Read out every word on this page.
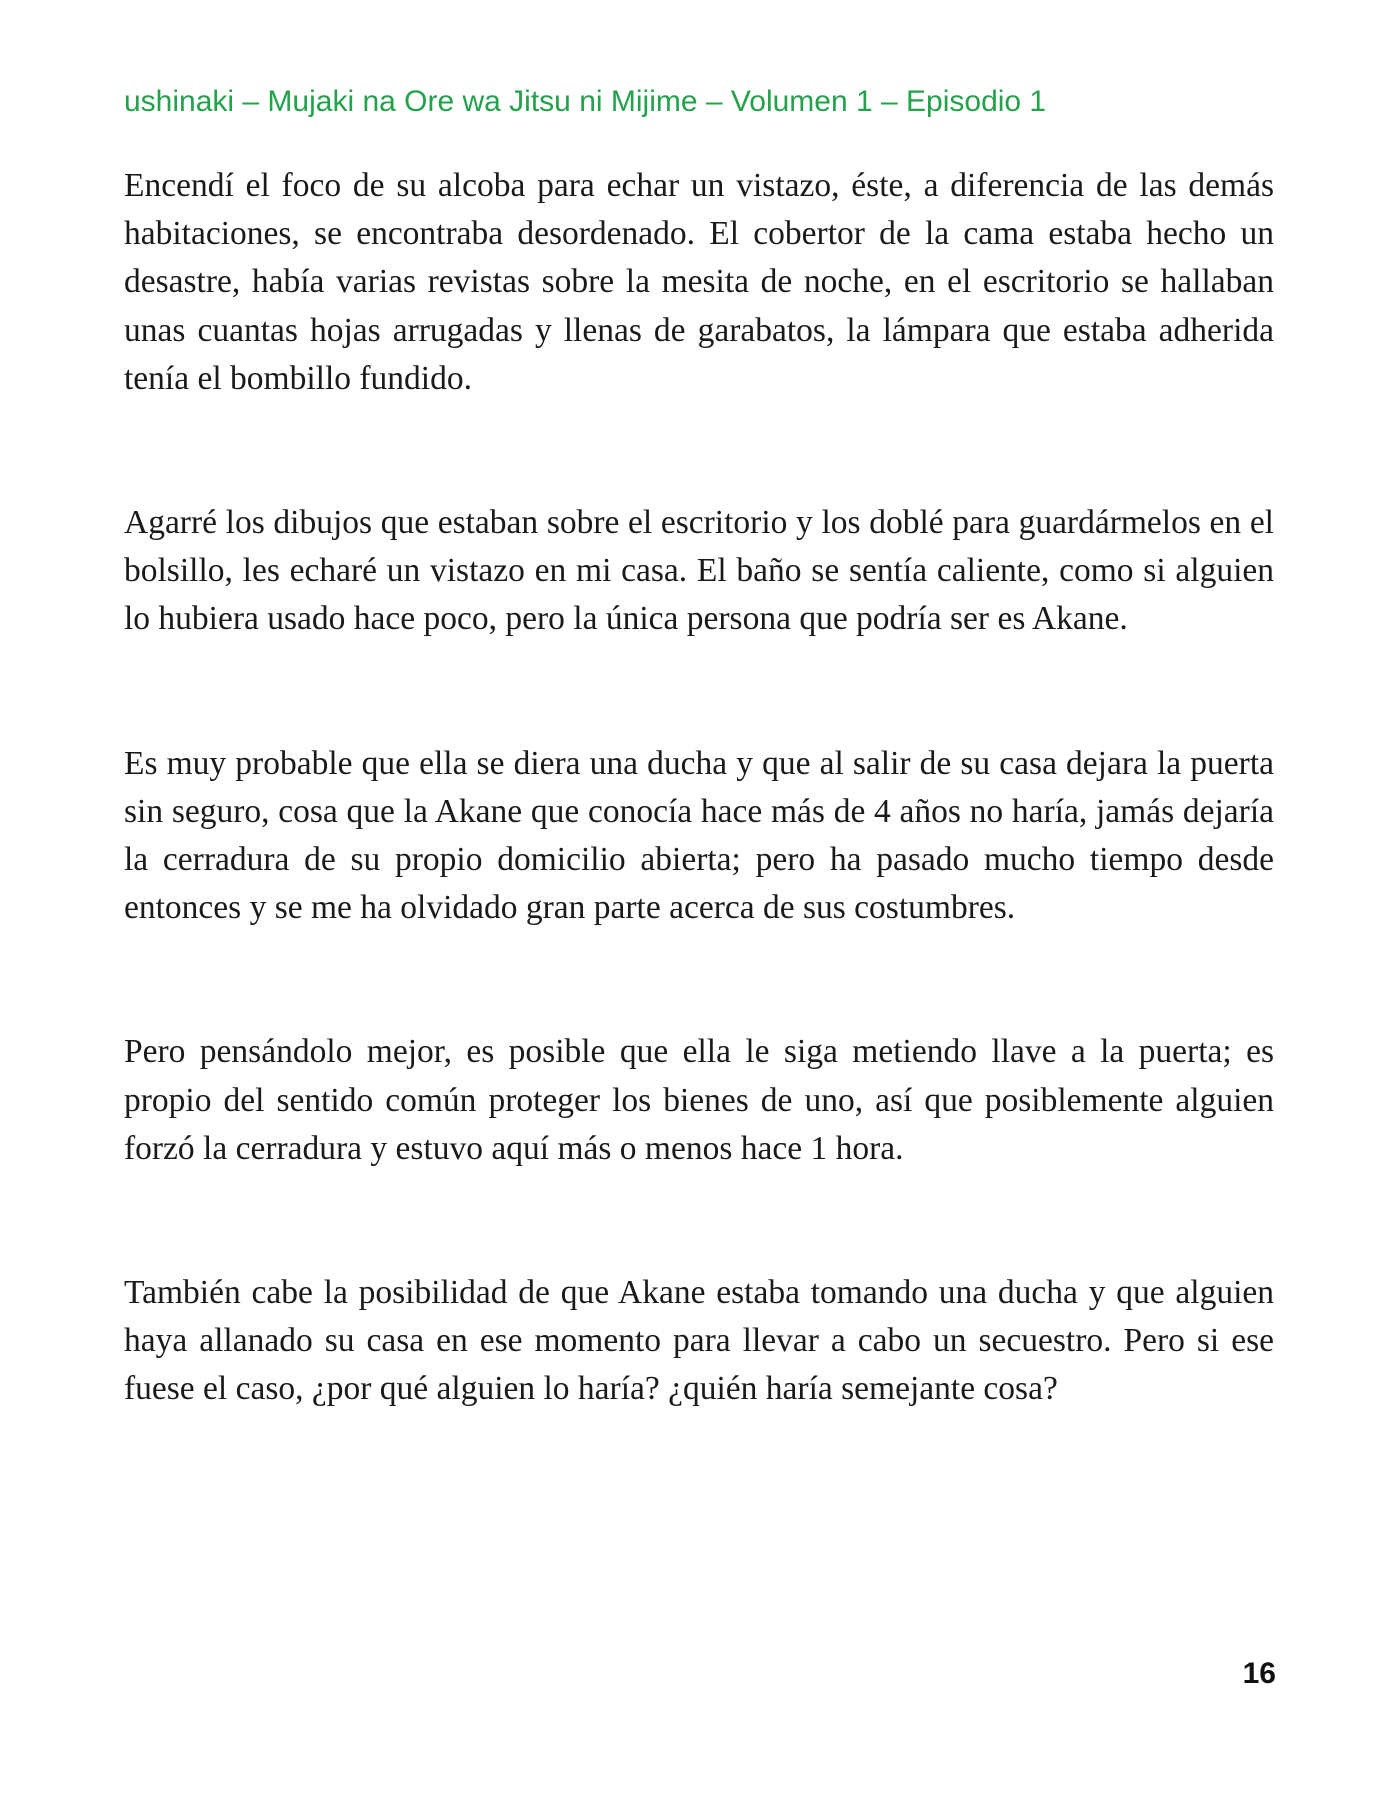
ushinaki – Mujaki na Ore wa Jitsu ni Mijime – Volumen 1 – Episodio 1

Encendí el foco de su alcoba para echar un vistazo, éste, a diferencia de las demás habitaciones, se encontraba desordenado. El cobertor de la cama estaba hecho un desastre, había varias revistas sobre la mesita de noche, en el escritorio se hallaban unas cuantas hojas arrugadas y llenas de garabatos, la lámpara que estaba adherida tenía el bombillo fundido.

Agarré los dibujos que estaban sobre el escritorio y los doblé para guardármelos en el bolsillo, les echaré un vistazo en mi casa. El baño se sentía caliente, como si alguien lo hubiera usado hace poco, pero la única persona que podría ser es Akane.

Es muy probable que ella se diera una ducha y que al salir de su casa dejara la puerta sin seguro, cosa que la Akane que conocía hace más de 4 años no haría, jamás dejaría la cerradura de su propio domicilio abierta; pero ha pasado mucho tiempo desde entonces y se me ha olvidado gran parte acerca de sus costumbres.

Pero pensándolo mejor, es posible que ella le siga metiendo llave a la puerta; es propio del sentido común proteger los bienes de uno, así que posiblemente alguien forzó la cerradura y estuvo aquí más o menos hace 1 hora.

También cabe la posibilidad de que Akane estaba tomando una ducha y que alguien haya allanado su casa en ese momento para llevar a cabo un secuestro. Pero si ese fuese el caso, ¿por qué alguien lo haría? ¿quién haría semejante cosa?

16
